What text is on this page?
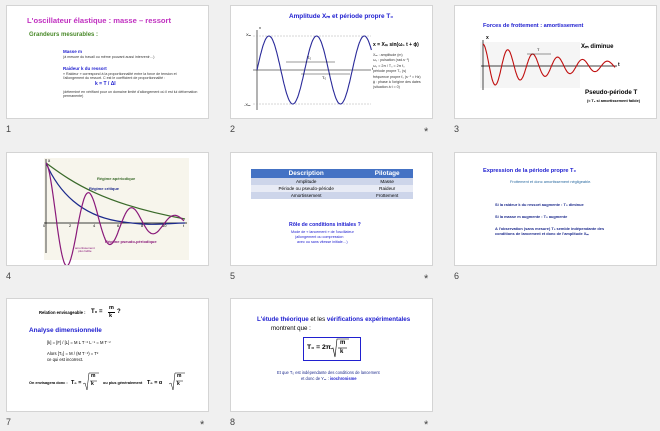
L'oscillateur élastique : masse – ressort
Grandeurs mesurables :
Masse m
(à mesure du travail ou même pouvant aussi intervenir…)
Raideur k du ressort
« Raideur » correspond à la proportionnalité entre la force de tension et
l'allongement du ressort. C est le coefficient de proportionnalité :
k = T / Δl
(déterminé en vérifiant pour un domaine limité d'allongement où il est lui déformation
permanente)
1
Amplitude Xₘ et période propre T₀
Xₘ
-Xₘ
x
t
T₀
T₀
x = Xₘ sin(ω₀ t + ϕ)
Xₘ : amplitude (m)
ω₀ : pulsation (rad.s⁻¹)
ω₀ = 2π / T₀ = 2π f₀
période propre T₀ (s)
fréquence propre f₀ (s⁻¹ = Hz)
ϕ : phase à l'origine des dates
(situation à t = 0)
2	*
Forces de frottement : amortissement
x
t
T	Xₘ diminue
Pseudo-période T
(≈ T₀ si amortissement faible)
3
Régime apériodique
Régime critique
Régime pseudo-périodique
amortissement
plus faible
x
0	2	4	6	8	10	t
4
Description	Pilotage
Amplitude	Masse
Période ou pseudo-période	Raideur
Amortissement	Frottement
Rôle de conditions initiales ?
Mode de « lancement » de l'oscillateur
(allongement ou compression
avec ou sans vitesse initiale…)
5	*
Expression de la période propre T₀
Frottement et donc amortissement négligeable.
Si la raideur k du ressort augmente : T₀ diminue
Si la masse m augmente : T₀ augmente
A l'observation (sans mesure) T₀ semble indépendante des
conditions de lancement et donc de l'amplitude Xₘ
6
Relation envisageable : T₀ =
m
k
?
Analyse dimensionnelle
[k] = [F] / [L] = M L T⁻² L⁻¹ = M T⁻²
Alors [T₀] = M / (M T⁻²) = T²
ce qui est incorrect.
On envisagera donc : T₀ =
m
k ou plus généralement T₀ = α
m
k
7	*
L'étude théorique et les vérifications expérimentales
montrent que :
T₀ = 2π
m
k
Et que T₀ est indépendante des conditions de lancement
et donc de Yₘ : isochronisme
8	*
